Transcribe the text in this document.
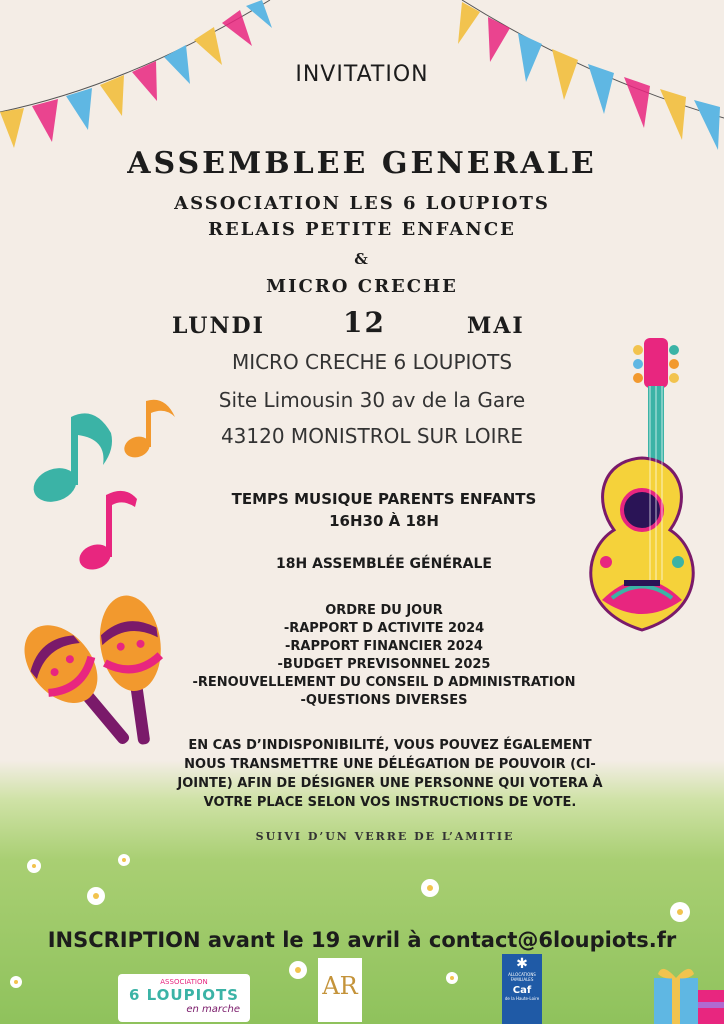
INVITATION
ASSEMBLEE GENERALE
ASSOCIATION LES 6 LOUPIOTS
RELAIS PETITE ENFANCE
&
MICRO CRECHE
LUNDI	12	MAI
MICRO CRECHE 6 LOUPIOTS
Site Limousin 30 av de la Gare
43120 MONISTROL SUR LOIRE
TEMPS MUSIQUE PARENTS ENFANTS
16H30 À 18H
18H ASSEMBLÉE GÉNÉRALE
ORDRE DU JOUR
-RAPPORT D ACTIVITE 2024
-RAPPORT FINANCIER 2024
-BUDGET PREVISONNEL 2025
-RENOUVELLEMENT DU CONSEIL D ADMINISTRATION
-QUESTIONS DIVERSES
EN CAS D’INDISPONIBILITÉ, VOUS POUVEZ ÉGALEMENT
NOUS TRANSMETTRE UNE DÉLÉGATION DE POUVOIR (CI-
JOINTE) AFIN DE DÉSIGNER UNE PERSONNE QUI VOTERA À
VOTRE PLACE SELON VOS INSTRUCTIONS DE VOTE.
SUIVI D’UN VERRE DE L’AMITIE
INSCRIPTION avant le 19 avril à contact@6loupiots.fr
ASSOCIATION
6 LOUPIOTS
en marche
AR
✱
ALLOCATIONS FAMILIALES
Caf
de la Haute-Loire
